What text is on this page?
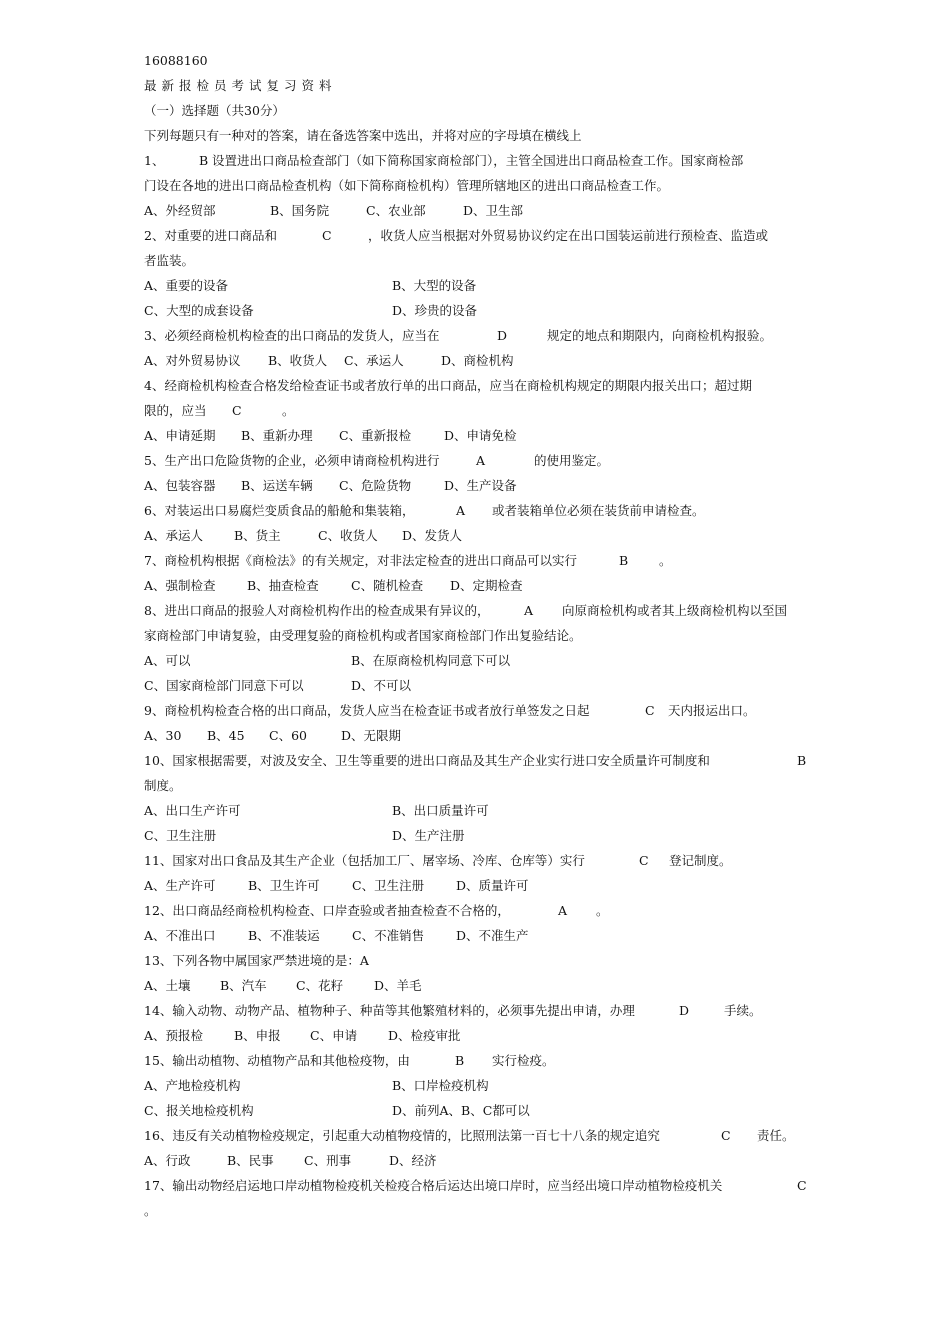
16088160
最新报检员考试复习资料
（一）选择题（共30分）
下列每题只有一种对的答案，请在备选答案中选出，并将对应的字母填在横线上
1、	B 设置进出口商品检查部门（如下简称国家商检部门），主管全国进出口商品检查工作。国家商检部
门设在各地的进出口商品检查机构（如下简称商检机构）管理所辖地区的进出口商品检查工作。
A、外经贸部	B、国务院	C、农业部	D、卫生部
2、对重要的进口商品和	C	，收货人应当根据对外贸易协议约定在出口国装运前进行预检查、监造或
者监装。
A、重要的设备	B、大型的设备
C、大型的成套设备	D、珍贵的设备
3、必须经商检机构检查的出口商品的发货人，应当在	D	规定的地点和期限内，向商检机构报验。
A、对外贸易协议 B、收货人 C、承运人	D、商检机构
4、经商检机构检查合格发给检查证书或者放行单的出口商品，应当在商检机构规定的期限内报关出口；超过期
限的，应当 C	。
A、申请延期 B、重新办理 C、重新报检	D、申请免检
5、生产出口危险货物的企业，必须申请商检机构进行	A	的使用鉴定。
A、包装容器 B、运送车辆 C、危险货物	D、生产设备
6、对装运出口易腐烂变质食品的船舱和集装箱，	A 或者装箱单位必须在装货前申请检查。
A、承运人 B、货主	C、收货人 D、发货人
7、商检机构根据《商检法》的有关规定，对非法定检查的进出口商品可以实行	B 。
A、强制检查	B、抽查检查	C、随机检查 D、定期检查
8、进出口商品的报验人对商检机构作出的检查成果有异议的，	A 向原商检机构或者其上级商检机构以至国
家商检部门申请复验，由受理复验的商检机构或者国家商检部门作出复验结论。
A、可以	B、在原商检机构同意下可以
C、国家商检部门同意下可以	D、不可以
9、商检机构检查合格的出口商品，发货人应当在检查证书或者放行单签发之日起	C 天内报运出口。
A、30 B、45 C、60	D、无限期
10、国家根据需要，对波及安全、卫生等重要的进出口商品及其生产企业实行进口安全质量许可制度和	B
制度。
A、出口生产许可	B、出口质量许可
C、卫生注册	D、生产注册
11、国家对出口食品及其生产企业（包括加工厂、屠宰场、冷库、仓库等）实行	C 登记制度。
A、生产许可	B、卫生许可	C、卫生注册	D、质量许可
12、出口商品经商检机构检查、口岸查验或者抽查检查不合格的，	A 。
A、不准出口	B、不准装运	C、不准销售	D、不准生产
13、下列各物中属国家严禁进境的是：A
A、土壤 B、汽车 C、花籽 D、羊毛
14、输入动物、动物产品、植物种子、种苗等其他繁殖材料的，必须事先提出申请，办理	D	手续。
A、预报检 B、申报 C、申请 D、检疫审批
15、输出动植物、动植物产品和其他检疫物，由	B 实行检疫。
A、产地检疫机构	B、口岸检疫机构
C、报关地检疫机构	D、前列A、B、C都可以
16、违反有关动植物检疫规定，引起重大动植物疫情的，比照刑法第一百七十八条的规定追究	C 责任。
A、行政	B、民事 C、刑事	D、经济
17、输出动物经启运地口岸动植物检疫机关检疫合格后运达出境口岸时，应当经出境口岸动植物检疫机关	C
。
